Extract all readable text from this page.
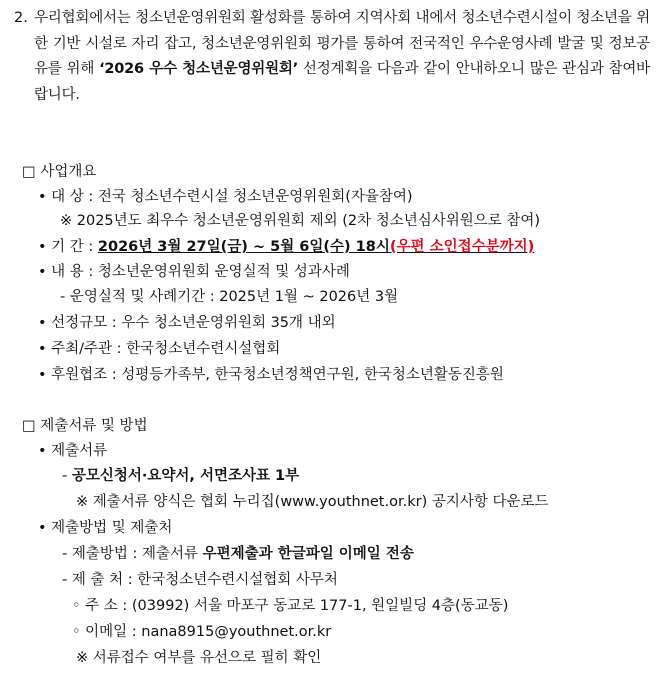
2. 우리협회에서는 청소년운영위원회 활성화를 통하여 지역사회 내에서 청소년수련시설이 청소년을 위한 기반 시설로 자리 잡고, 청소년운영위원회 평가를 통하여 전국적인 우수운영사례 발굴 및 정보공유를 위해 ‘2026 우수 청소년운영위원회’ 선정계획을 다음과 같이 안내하오니 많은 관심과 참여바랍니다.

□ 사업개요
• 대 상 : 전국 청소년수련시설 청소년운영위원회(자율참여)
※ 2025년도 최우수 청소년운영위원회 제외 (2차 청소년심사위원으로 참여)
• 기 간 : 2026년 3월 27일(금) ~ 5월 6일(수) 18시(우편 소인접수분까지)
• 내 용 : 청소년운영위원회 운영실적 및 성과사례
- 운영실적 및 사례기간 : 2025년 1월 ~ 2026년 3월
• 선정규모 : 우수 청소년운영위원회 35개 내외
• 주최/주관 : 한국청소년수련시설협회
• 후원협조 : 성평등가족부, 한국청소년정책연구원, 한국청소년활동진흥원
□ 제출서류 및 방법
• 제출서류
- 공모신청서·요약서, 서면조사표 1부
※ 제출서류 양식은 협회 누리집(www.youthnet.or.kr) 공지사항 다운로드
• 제출방법 및 제출처
- 제출방법 : 제출서류 우편제출과 한글파일 이메일 전송
- 제 출 처 : 한국청소년수련시설협회 사무처
◦ 주 소 : (03992) 서울 마포구 동교로 177-1, 원일빌딩 4층(동교동)
◦ 이메일 : nana8915@youthnet.or.kr
※ 서류접수 여부를 유선으로 필히 확인
